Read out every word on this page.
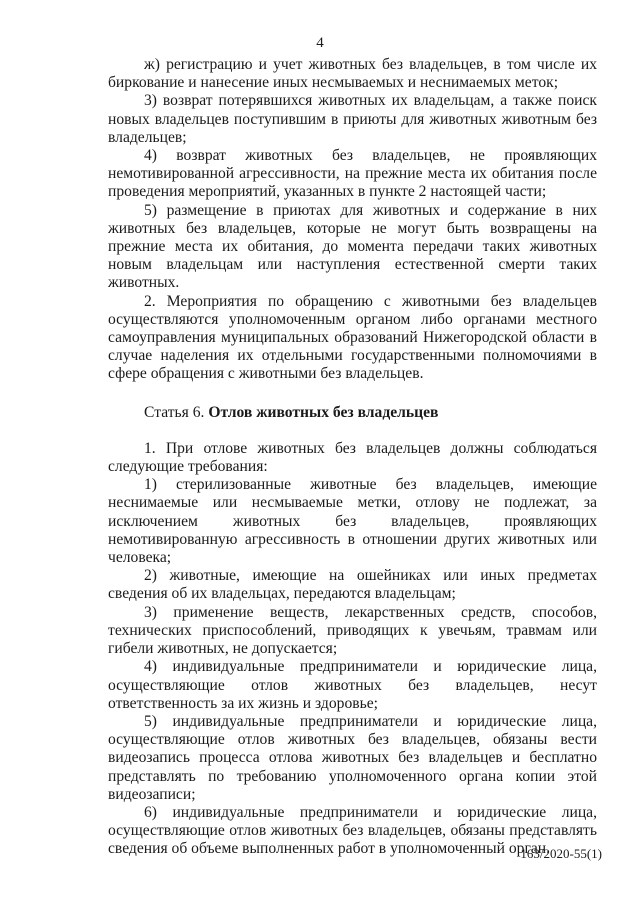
4

ж) регистрацию и учет животных без владельцев, в том числе их биркование и нанесение иных несмываемых и неснимаемых меток;

3) возврат потерявшихся животных их владельцам, а также поиск новых владельцев поступившим в приюты для животных животным без владельцев;

4) возврат животных без владельцев, не проявляющих немотивированной агрессивности, на прежние места их обитания после проведения мероприятий, указанных в пункте 2 настоящей части;

5) размещение в приютах для животных и содержание в них животных без владельцев, которые не могут быть возвращены на прежние места их обитания, до момента передачи таких животных новым владельцам или наступления естественной смерти таких животных.

2. Мероприятия по обращению с животными без владельцев осуществляются уполномоченным органом либо органами местного самоуправления муниципальных образований Нижегородской области в случае наделения их отдельными государственными полномочиями в сфере обращения с животными без владельцев.

Статья 6. Отлов животных без владельцев

1. При отлове животных без владельцев должны соблюдаться следующие требования:

1) стерилизованные животные без владельцев, имеющие неснимаемые или несмываемые метки, отлову не подлежат, за исключением животных без владельцев, проявляющих немотивированную агрессивность в отношении других животных или человека;

2) животные, имеющие на ошейниках или иных предметах сведения об их владельцах, передаются владельцам;

3) применение веществ, лекарственных средств, способов, технических приспособлений, приводящих к увечьям, травмам или гибели животных, не допускается;

4) индивидуальные предприниматели и юридические лица, осуществляющие отлов животных без владельцев, несут ответственность за их жизнь и здоровье;

5) индивидуальные предприниматели и юридические лица, осуществляющие отлов животных без владельцев, обязаны вести видеозапись процесса отлова животных без владельцев и бесплатно представлять по требованию уполномоченного органа копии этой видеозаписи;

6) индивидуальные предприниматели и юридические лица, осуществляющие отлов животных без владельцев, обязаны представлять сведения об объеме выполненных работ в уполномоченный орган.

163/2020-55(1)
